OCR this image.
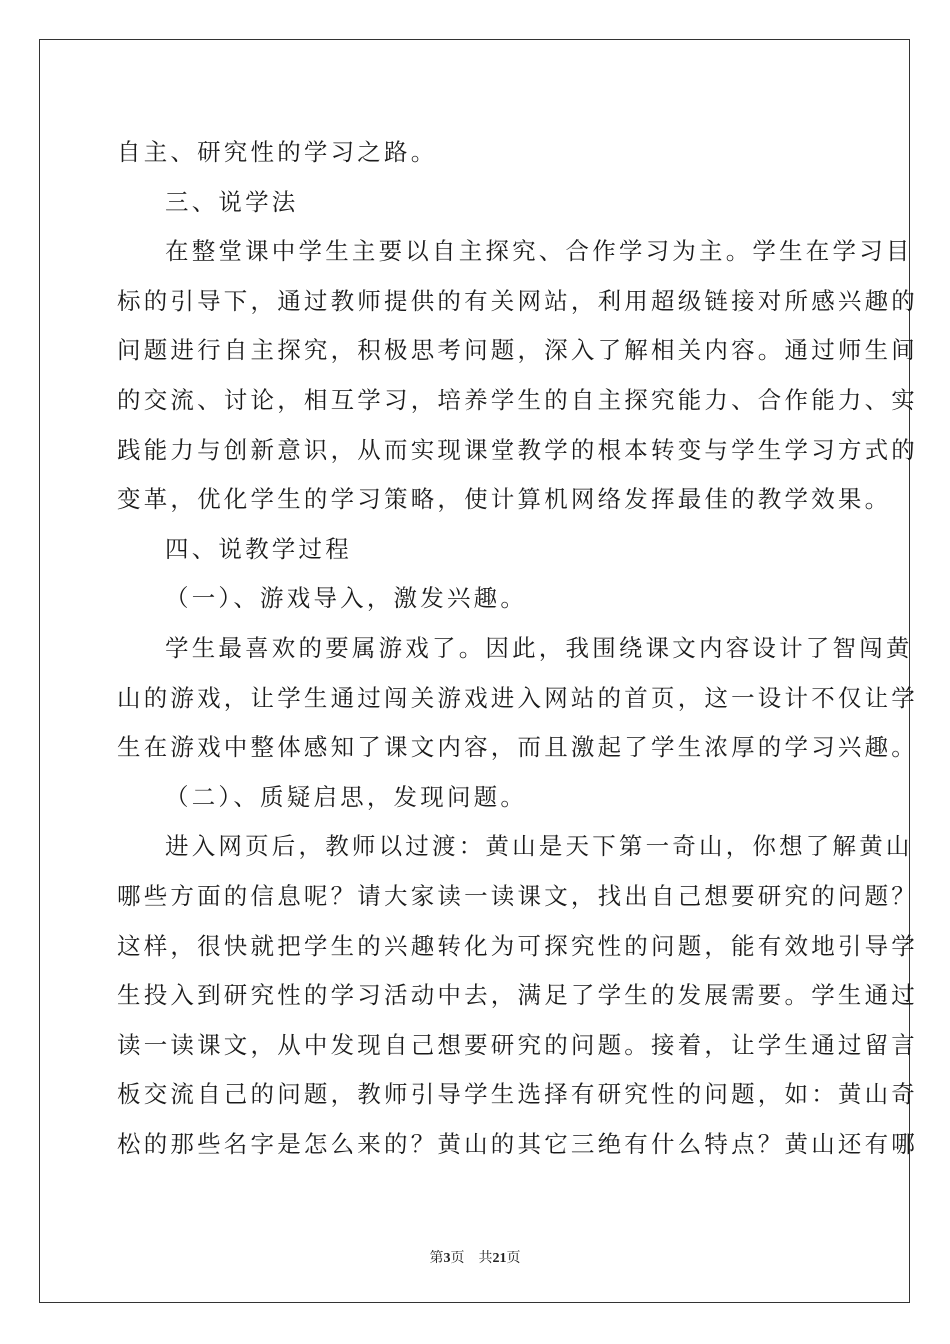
自主、研究性的学习之路。
三、说学法
在整堂课中学生主要以自主探究、合作学习为主。学生在学习目
标的引导下，通过教师提供的有关网站，利用超级链接对所感兴趣的
问题进行自主探究，积极思考问题，深入了解相关内容。通过师生间
的交流、讨论，相互学习，培养学生的自主探究能力、合作能力、实
践能力与创新意识，从而实现课堂教学的根本转变与学生学习方式的
变革，优化学生的学习策略，使计算机网络发挥最佳的教学效果。
四、说教学过程
（一）、游戏导入，激发兴趣。
学生最喜欢的要属游戏了。因此，我围绕课文内容设计了智闯黄
山的游戏，让学生通过闯关游戏进入网站的首页，这一设计不仅让学
生在游戏中整体感知了课文内容，而且激起了学生浓厚的学习兴趣。
（二）、质疑启思，发现问题。
进入网页后，教师以过渡：黄山是天下第一奇山，你想了解黄山
哪些方面的信息呢？请大家读一读课文，找出自己想要研究的问题？
这样，很快就把学生的兴趣转化为可探究性的问题，能有效地引导学
生投入到研究性的学习活动中去，满足了学生的发展需要。学生通过
读一读课文，从中发现自己想要研究的问题。接着，让学生通过留言
板交流自己的问题，教师引导学生选择有研究性的问题，如：黄山奇
松的那些名字是怎么来的？黄山的其它三绝有什么特点？黄山还有哪
第3页 共21页
